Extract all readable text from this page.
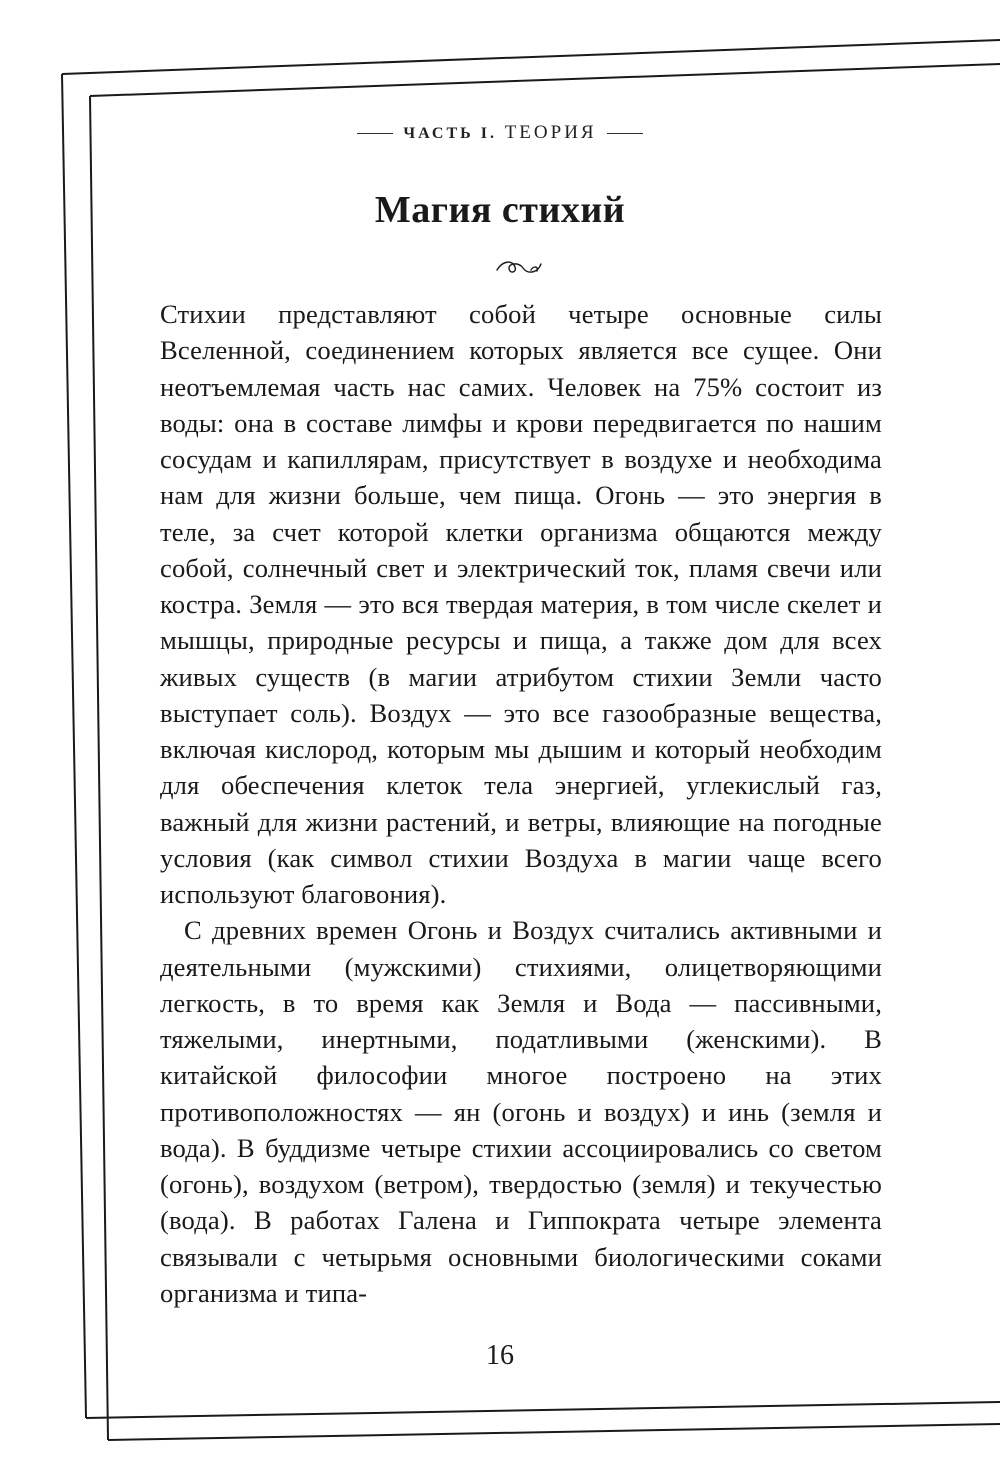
ЧАСТЬ I. ТЕОРИЯ
Магия стихий

Стихии представляют собой четыре основные силы Вселенной, соединением которых является все сущее. Они неотъемлемая часть нас самих. Человек на 75% состоит из воды: она в составе лимфы и крови передвигается по нашим сосудам и капиллярам, присутствует в воздухе и необходима нам для жизни больше, чем пища. Огонь — это энергия в теле, за счет которой клетки организма общаются между собой, солнечный свет и электрический ток, пламя свечи или костра. Земля — это вся твердая материя, в том числе скелет и мышцы, природные ресурсы и пища, а также дом для всех живых существ (в магии атрибутом стихии Земли часто выступает соль). Воздух — это все газообразные вещества, включая кислород, которым мы дышим и который необходим для обеспечения клеток тела энергией, углекислый газ, важный для жизни растений, и ветры, влияющие на погодные условия (как символ стихии Воздуха в магии чаще всего используют благовония).

С древних времен Огонь и Воздух считались активными и деятельными (мужскими) стихиями, олицетворяющими легкость, в то время как Земля и Вода — пассивными, тяжелыми, инертными, податливыми (женскими). В китайской философии многое построено на этих противоположностях — ян (огонь и воздух) и инь (земля и вода). В буддизме четыре стихии ассоциировались со светом (огонь), воздухом (ветром), твердостью (земля) и текучестью (вода). В работах Галена и Гиппократа четыре элемента связывали с четырьмя основными биологическими соками организма и типа-

16
